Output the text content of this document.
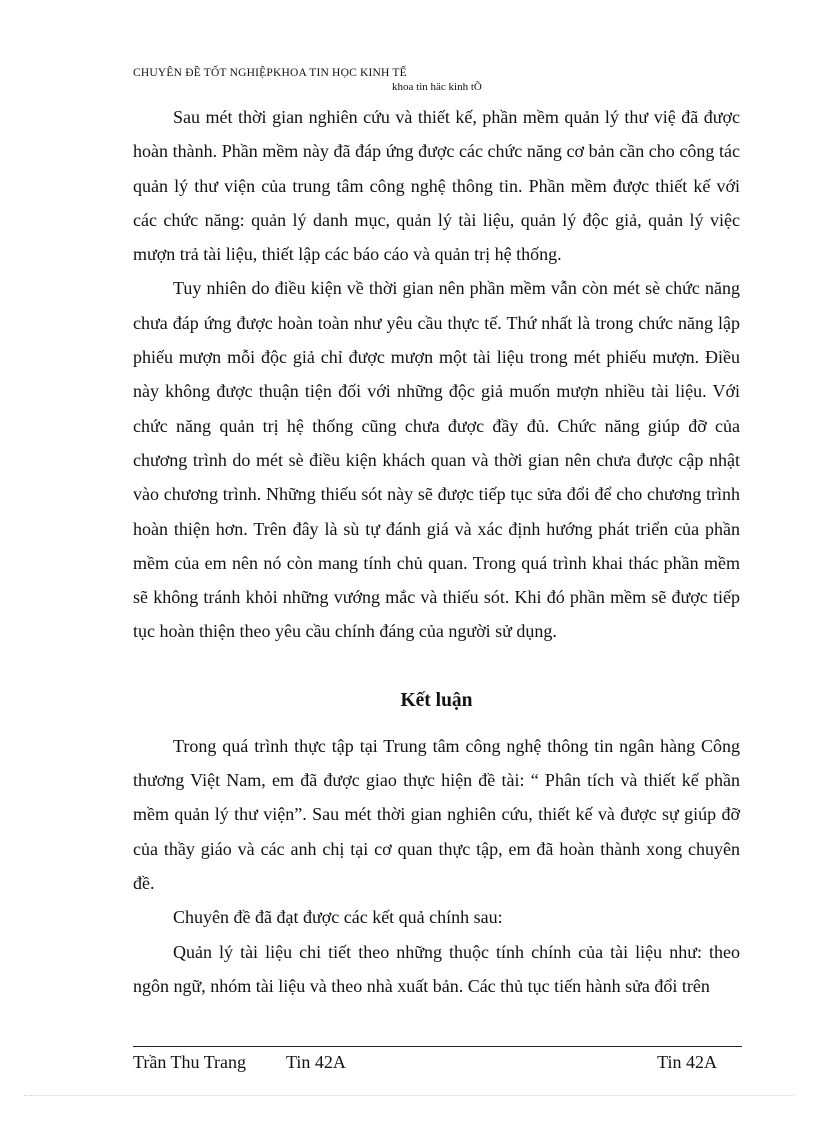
CHUYÊN ĐỀ TỐT NGHIỆPKHOA TIN HỌC KINH TẾ
khoa tin häc kinh tÕ

Sau mét thời gian nghiên cứu và thiết kế, phần mềm quản lý thư việ đã được hoàn thành. Phần mềm này đã đáp ứng được các chức năng cơ bản cần cho công tác quản lý thư viện của trung tâm công nghệ thông tin. Phần mềm được thiết kế với các chức năng: quản lý danh mục, quản lý tài liệu, quản lý độc giả, quản lý việc mượn trả tài liệu, thiết lập các báo cáo và quản trị hệ thống.

Tuy nhiên do điều kiện về thời gian nên phần mềm vẫn còn mét sè chức năng chưa đáp ứng được hoàn toàn như yêu cầu thực tế. Thứ nhất là trong chức năng lập phiếu mượn mỗi độc giả chỉ được mượn một tài liệu trong mét phiếu mượn. Điều này không được thuận tiện đối với những độc giả muốn mượn nhiều tài liệu. Với chức năng quản trị hệ thống cũng chưa được đầy đủ. Chức năng giúp đỡ của chương trình do mét sè điều kiện khách quan và thời gian nên chưa được cập nhật vào chương trình. Những thiếu sót này sẽ được tiếp tục sửa đổi để cho chương trình hoàn thiện hơn. Trên đây là sù tự đánh giá và xác định hướng phát triển của phần mềm của em nên nó còn mang tính chủ quan. Trong quá trình khai thác phần mềm sẽ không tránh khỏi những vướng mắc và thiếu sót. Khi đó phần mềm sẽ được tiếp tục hoàn thiện theo yêu cầu chính đáng của người sử dụng.

Kết luận

Trong quá trình thực tập tại Trung tâm công nghệ thông tin ngân hàng Công thương Việt Nam, em đã được giao thực hiện đề tài: “ Phân tích và thiết kế phần mềm quản lý thư viện”. Sau mét thời gian nghiên cứu, thiết kế và được sự giúp đỡ của thầy giáo và các anh chị tại cơ quan thực tập, em đã hoàn thành xong chuyên đề.

Chuyên đề đã đạt được các kết quả chính sau:

Quản lý tài liệu chi tiết theo những thuộc tính chính của tài liệu như: theo ngôn ngữ, nhóm tài liệu và theo nhà xuất bản. Các thủ tục tiến hành sửa đổi trên

Trần Thu Trang Tin 42A	Tin 42A
